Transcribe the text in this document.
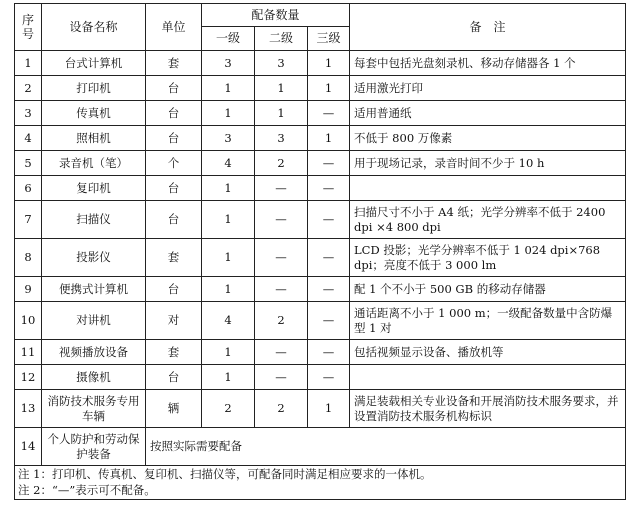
序号	设备名称	单位	配备数量			备　注
			一级	二级	三级	
1	台式计算机	套	3	3	1	每套中包括光盘刻录机、移动存储器各 1 个
2	打印机	台	1	1	1	适用激光打印
3	传真机	台	1	1	—	适用普通纸
4	照相机	台	3	3	1	不低于 800 万像素
5	录音机（笔）	个	4	2	—	用于现场记录，录音时间不少于 10 h
6	复印机	台	1	—	—	
7	扫描仪	台	1	—	—	扫描尺寸不小于 A4 纸；光学分辨率不低于 2400 dpi ×4 800 dpi
8	投影仪	套	1	—	—	LCD 投影；光学分辨率不低于 1 024 dpi×768 dpi；亮度不低于 3 000 lm
9	便携式计算机	台	1	—	—	配 1 个不小于 500 GB 的移动存储器
10	对讲机	对	4	2	—	通话距离不小于 1 000 m；一级配备数量中含防爆型 1 对
11	视频播放设备	套	1	—	—	包括视频显示设备、播放机等
12	摄像机	台	1	—	—	
13	消防技术服务专用车辆	辆	2	2	1	满足装载相关专业设备和开展消防技术服务要求，并设置消防技术服务机构标识
14	个人防护和劳动保护装备	按照实际需要配备				
注 1：打印机、传真机、复印机、扫描仪等，可配备同时满足相应要求的一体机。						
注 2：“—”表示可不配备。						
